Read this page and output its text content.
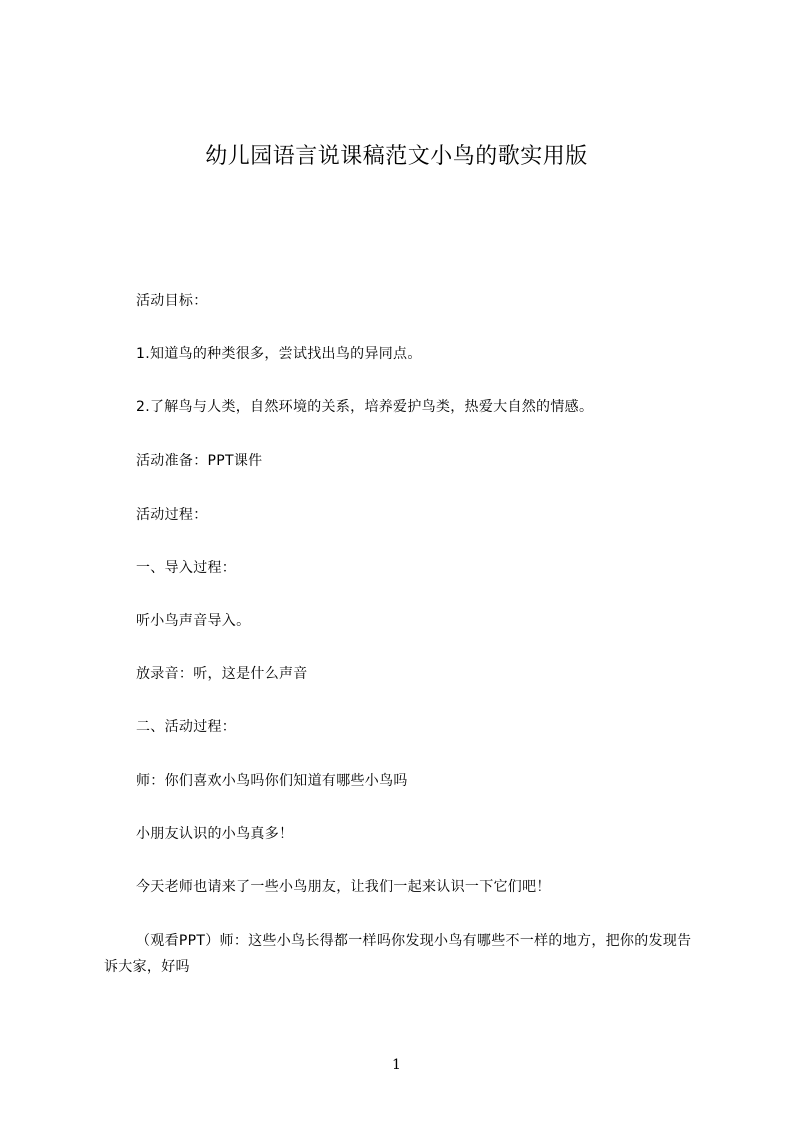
幼儿园语言说课稿范文小鸟的歌实用版
活动目标：
1.知道鸟的种类很多，尝试找出鸟的异同点。
2.了解鸟与人类，自然环境的关系，培养爱护鸟类，热爱大自然的情感。
活动准备：PPT课件
活动过程：
一、导入过程：
听小鸟声音导入。
放录音：听，这是什么声音
二、活动过程：
师：你们喜欢小鸟吗你们知道有哪些小鸟吗
小朋友认识的小鸟真多！
今天老师也请来了一些小鸟朋友，让我们一起来认识一下它们吧！
（观看PPT）师：这些小鸟长得都一样吗你发现小鸟有哪些不一样的地方，把你的发现告诉大家，好吗
1
